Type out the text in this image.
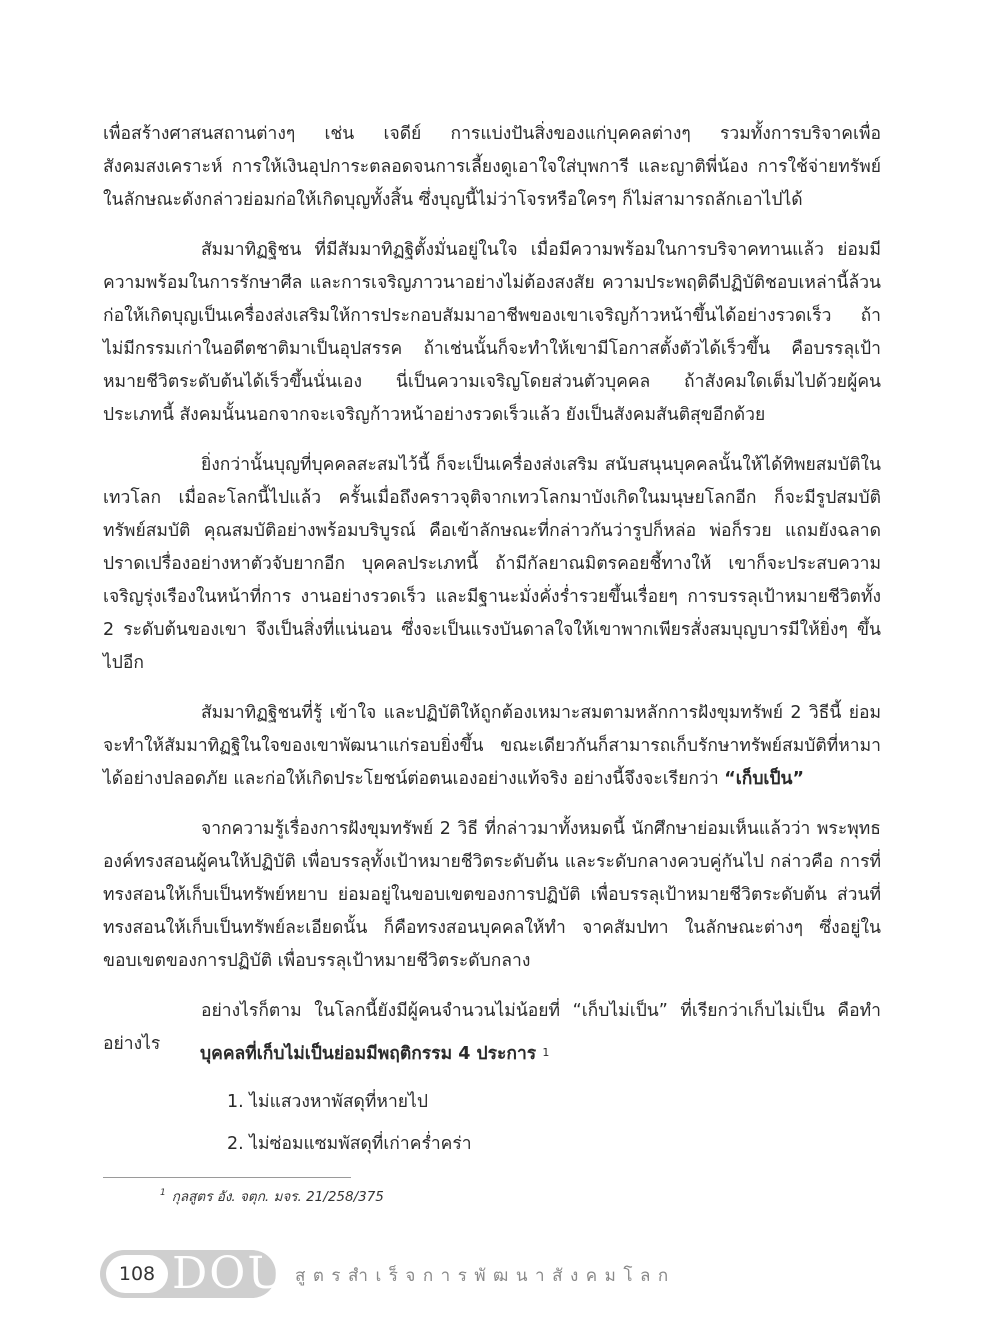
เพื่อสร้างศาสนสถานต่างๆ เช่น เจดีย์ การแบ่งปันสิ่งของแก่บุคคลต่างๆ รวมทั้งการบริจาคเพื่อสังคมสงเคราะห์ การให้เงินอุปการะตลอดจนการเลี้ยงดูเอาใจใส่บุพการี และญาติพี่น้อง การใช้จ่ายทรัพย์ในลักษณะดังกล่าวย่อมก่อให้เกิดบุญทั้งสิ้น ซึ่งบุญนี้ไม่ว่าโจรหรือใครๆ ก็ไม่สามารถลักเอาไปได้

สัมมาทิฏฐิชน ที่มีสัมมาทิฏฐิตั้งมั่นอยู่ในใจ เมื่อมีความพร้อมในการบริจาคทานแล้ว ย่อมมีความพร้อมในการรักษาศีล และการเจริญภาวนาอย่างไม่ต้องสงสัย ความประพฤติดีปฏิบัติชอบเหล่านี้ล้วนก่อให้เกิดบุญเป็นเครื่องส่งเสริมให้การประกอบสัมมาอาชีพของเขาเจริญก้าวหน้าขึ้นได้อย่างรวดเร็ว ถ้าไม่มีกรรมเก่าในอดีตชาติมาเป็นอุปสรรค ถ้าเช่นนั้นก็จะทำให้เขามีโอกาสตั้งตัวได้เร็วขึ้น คือบรรลุเป้าหมายชีวิตระดับต้นได้เร็วขึ้นนั่นเอง นี่เป็นความเจริญโดยส่วนตัวบุคคล ถ้าสังคมใดเต็มไปด้วยผู้คนประเภทนี้ สังคมนั้นนอกจากจะเจริญก้าวหน้าอย่างรวดเร็วแล้ว ยังเป็นสังคมสันติสุขอีกด้วย

ยิ่งกว่านั้นบุญที่บุคคลสะสมไว้นี้ ก็จะเป็นเครื่องส่งเสริม สนับสนุนบุคคลนั้นให้ได้ทิพยสมบัติในเทวโลก เมื่อละโลกนี้ไปแล้ว ครั้นเมื่อถึงคราวจุติจากเทวโลกมาบังเกิดในมนุษยโลกอีก ก็จะมีรูปสมบัติ ทรัพย์สมบัติ คุณสมบัติอย่างพร้อมบริบูรณ์ คือเข้าลักษณะที่กล่าวกันว่ารูปก็หล่อ พ่อก็รวย แถมยังฉลาดปราดเปรื่องอย่างหาตัวจับยากอีก บุคคลประเภทนี้ ถ้ามีกัลยาณมิตรคอยชี้ทางให้ เขาก็จะประสบความเจริญรุ่งเรืองในหน้าที่การ งานอย่างรวดเร็ว และมีฐานะมั่งคั่งร่ำรวยขึ้นเรื่อยๆ การบรรลุเป้าหมายชีวิตทั้ง 2 ระดับต้นของเขา จึงเป็นสิ่งที่แน่นอน ซึ่งจะเป็นแรงบันดาลใจให้เขาพากเพียรสั่งสมบุญบารมีให้ยิ่งๆ ขึ้นไปอีก

สัมมาทิฏฐิชนที่รู้ เข้าใจ และปฏิบัติให้ถูกต้องเหมาะสมตามหลักการฝังขุมทรัพย์ 2 วิธีนี้ ย่อมจะทำให้สัมมาทิฏฐิในใจของเขาพัฒนาแก่รอบยิ่งขึ้น ขณะเดียวกันก็สามารถเก็บรักษาทรัพย์สมบัติที่หามาได้อย่างปลอดภัย และก่อให้เกิดประโยชน์ต่อตนเองอย่างแท้จริง อย่างนี้จึงจะเรียกว่า “เก็บเป็น”

จากความรู้เรื่องการฝังขุมทรัพย์ 2 วิธี ที่กล่าวมาทั้งหมดนี้ นักศึกษาย่อมเห็นแล้วว่า พระพุทธองค์ทรงสอนผู้คนให้ปฏิบัติ เพื่อบรรลุทั้งเป้าหมายชีวิตระดับต้น และระดับกลางควบคู่กันไป กล่าวคือ การที่ทรงสอนให้เก็บเป็นทรัพย์หยาบ ย่อมอยู่ในขอบเขตของการปฏิบัติ เพื่อบรรลุเป้าหมายชีวิตระดับต้น ส่วนที่ทรงสอนให้เก็บเป็นทรัพย์ละเอียดนั้น ก็คือทรงสอนบุคคลให้ทำ จาคสัมปทา ในลักษณะต่างๆ ซึ่งอยู่ในขอบเขตของการปฏิบัติ เพื่อบรรลุเป้าหมายชีวิตระดับกลาง

อย่างไรก็ตาม ในโลกนี้ยังมีผู้คนจำนวนไม่น้อยที่ “เก็บไม่เป็น” ที่เรียกว่าเก็บไม่เป็น คือทำอย่างไร	บุคคลที่เก็บไม่เป็นย่อมมีพฤติกรรม 4 ประการ $^1$
1. ไม่แสวงหาพัสดุที่หายไป
2. ไม่ซ่อมแซมพัสดุที่เก่าคร่ำคร่า
$^1$ กุลสูตร อัง. จตุก. มจร. 21/258/375
108 DOU สูตรสำเร็จการพัฒนาสังคมโลก
